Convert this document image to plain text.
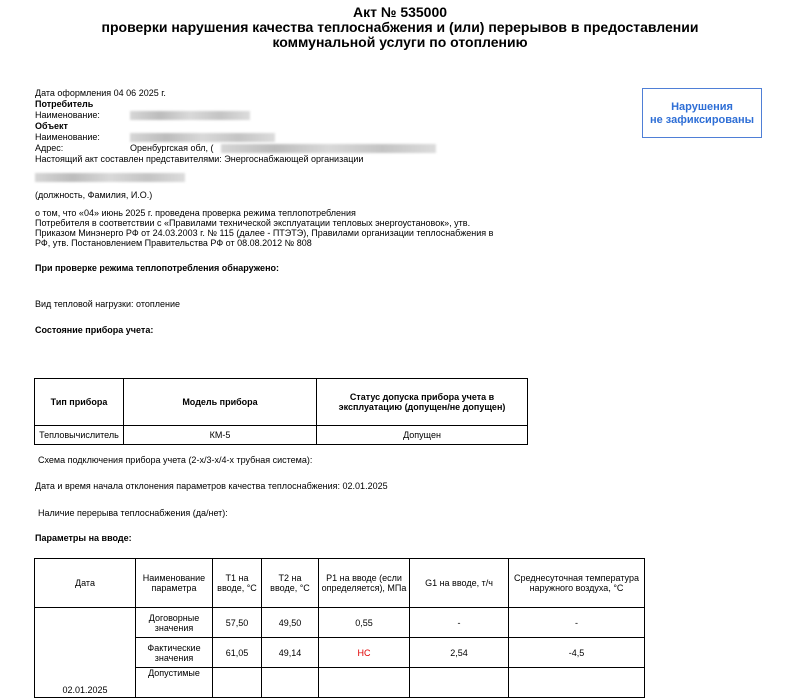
Акт № 535000
проверки нарушения качества теплоснабжения и (или) перерывов в предоставлении
коммунальной услуги по отоплению
Нарушения
не зафиксированы
Дата оформления 04 06 2025 г.
Потребитель
Наименование:
Объект
Наименование:
Адрес:	Оренбургская обл, (
Настоящий акт составлен представителями: Энергоснабжающей организации
(должность, Фамилия, И.О.)
о том, что «04» июнь 2025 г. проведена проверка режима теплопотребления
Потребителя в соответствии с «Правилами технической эксплуатации тепловых энергоустановок», утв.
Приказом Минэнерго РФ от 24.03.2003 г. № 115 (далее - ПТЭТЭ), Правилами организации теплоснабжения в
РФ, утв. Постановлением Правительства РФ от 08.08.2012 № 808
При проверке режима теплопотребления обнаружено:
Вид тепловой нагрузки: отопление
Состояние прибора учета:
Тип прибора	Модель прибора	Статус допуска прибора учета в эксплуатацию (допущен/не допущен)
Тепловычислитель	КМ-5	Допущен
Схема подключения прибора учета (2-х/3-х/4-х трубная система):
Дата и время начала отклонения параметров качества теплоснабжения: 02.01.2025
Наличие перерыва теплоснабжения (да/нет):
Параметры на вводе:
Дата	Наименование параметра	T1 на вводе, °C	T2 на вводе, °C	P1 на вводе (если определяется), МПа	G1 на вводе, т/ч	Среднесуточная температура наружного воздуха, °C
02.01.2025	Договорные значения	57,50	49,50	0,55	-	-
	Фактические значения	61,05	49,14	НС	2,54	-4,5
	Допустимые					
